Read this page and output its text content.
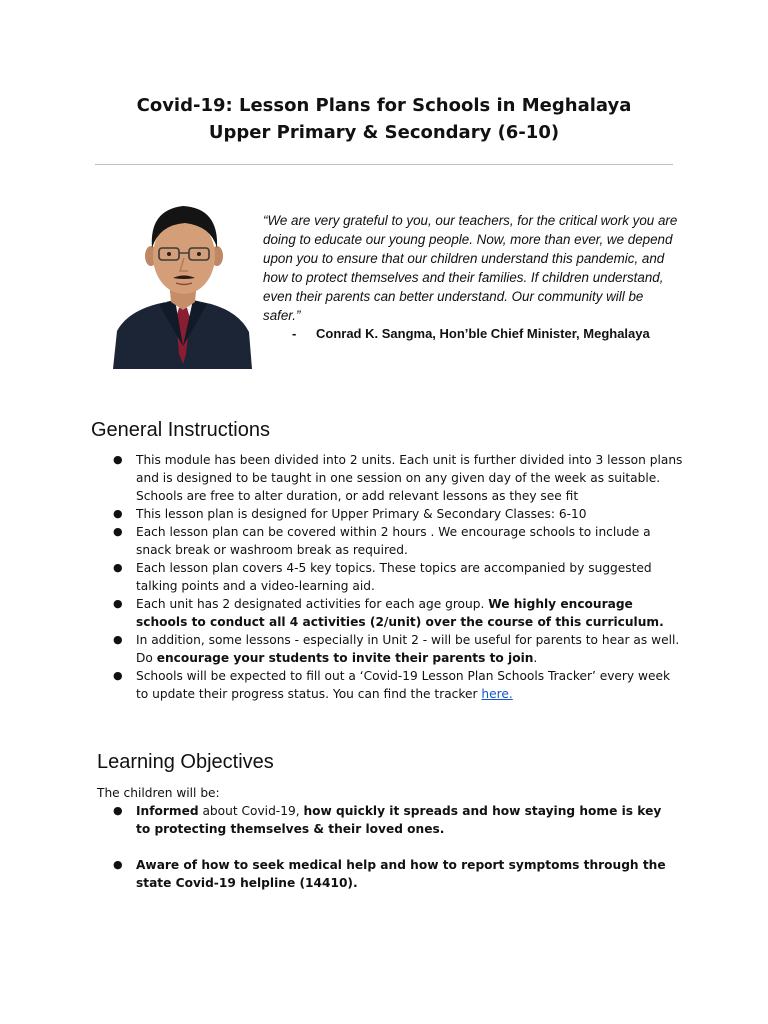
Covid-19: Lesson Plans for Schools in Meghalaya
Upper Primary & Secondary (6-10)
“We are very grateful to you, our teachers, for the critical work you are doing to educate our young people. Now, more than ever, we depend upon you to ensure that our children understand this pandemic, and how to protect themselves and their families. If children understand, even their parents can better understand. Our community will be safer.”
- Conrad K. Sangma, Hon’ble Chief Minister, Meghalaya
General Instructions
● This module has been divided into 2 units. Each unit is further divided into 3 lesson plans and is designed to be taught in one session on any given day of the week as suitable. Schools are free to alter duration, or add relevant lessons as they see fit
● This lesson plan is designed for Upper Primary & Secondary Classes: 6-10
● Each lesson plan can be covered within 2 hours . We encourage schools to include a snack break or washroom break as required.
● Each lesson plan covers 4-5 key topics. These topics are accompanied by suggested talking points and a video-learning aid.
● Each unit has 2 designated activities for each age group. We highly encourage schools to conduct all 4 activities (2/unit) over the course of this curriculum.
● In addition, some lessons - especially in Unit 2 - will be useful for parents to hear as well. Do encourage your students to invite their parents to join.
● Schools will be expected to fill out a ‘Covid-19 Lesson Plan Schools Tracker’ every week to update their progress status. You can find the tracker here.
Learning Objectives
The children will be:
● Informed about Covid-19, how quickly it spreads and how staying home is key to protecting themselves & their loved ones.
● Aware of how to seek medical help and how to report symptoms through the state Covid-19 helpline (14410).
